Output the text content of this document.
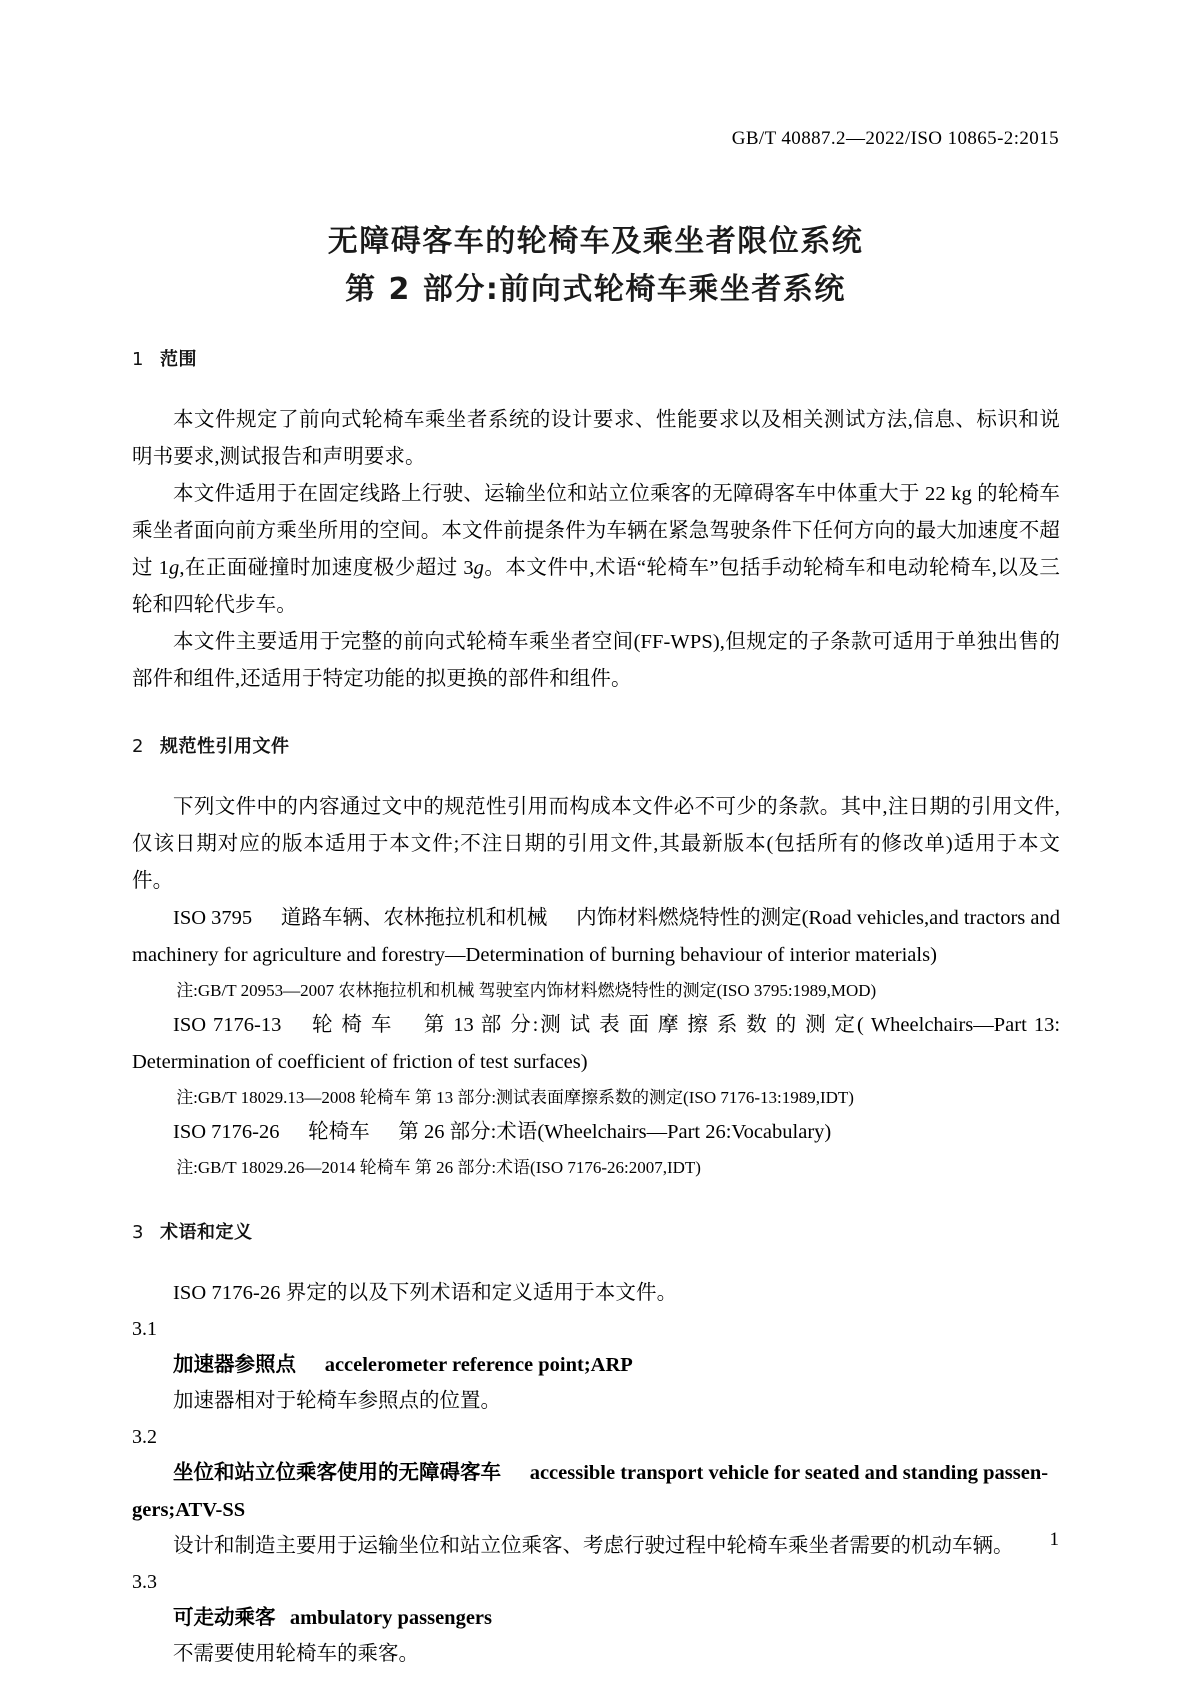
GB/T 40887.2—2022/ISO 10865-2:2015
无障碍客车的轮椅车及乘坐者限位系统
第 2 部分:前向式轮椅车乘坐者系统
1 范围

本文件规定了前向式轮椅车乘坐者系统的设计要求、性能要求以及相关测试方法,信息、标识和说明书要求,测试报告和声明要求。

本文件适用于在固定线路上行驶、运输坐位和站立位乘客的无障碍客车中体重大于 22 kg 的轮椅车乘坐者面向前方乘坐所用的空间。本文件前提条件为车辆在紧急驾驶条件下任何方向的最大加速度不超过 1g,在正面碰撞时加速度极少超过 3g。本文件中,术语“轮椅车”包括手动轮椅车和电动轮椅车,以及三轮和四轮代步车。

本文件主要适用于完整的前向式轮椅车乘坐者空间(FF-WPS),但规定的子条款可适用于单独出售的部件和组件,还适用于特定功能的拟更换的部件和组件。

2 规范性引用文件

下列文件中的内容通过文中的规范性引用而构成本文件必不可少的条款。其中,注日期的引用文件,仅该日期对应的版本适用于本文件;不注日期的引用文件,其最新版本(包括所有的修改单)适用于本文件。

ISO 3795 道路车辆、农林拖拉机和机械 内饰材料燃烧特性的测定(Road vehicles,and tractors and machinery for agriculture and forestry—Determination of burning behaviour of interior materials)

注:GB/T 20953—2007 农林拖拉机和机械 驾驶室内饰材料燃烧特性的测定(ISO 3795:1989,MOD)

ISO 7176-13 轮 椅 车 第 13 部 分:测 试 表 面 摩 擦 系 数 的 测 定( Wheelchairs—Part 13: Determination of coefficient of friction of test surfaces)

注:GB/T 18029.13—2008 轮椅车 第 13 部分:测试表面摩擦系数的测定(ISO 7176-13:1989,IDT)

ISO 7176-26 轮椅车 第 26 部分:术语(Wheelchairs—Part 26:Vocabulary)

注:GB/T 18029.26—2014 轮椅车 第 26 部分:术语(ISO 7176-26:2007,IDT)

3 术语和定义

ISO 7176-26 界定的以及下列术语和定义适用于本文件。

3.1

加速器参照点 accelerometer reference point;ARP

加速器相对于轮椅车参照点的位置。

3.2

坐位和站立位乘客使用的无障碍客车 accessible transport vehicle for seated and standing passen-

gers;ATV-SS

设计和制造主要用于运输坐位和站立位乘客、考虑行驶过程中轮椅车乘坐者需要的机动车辆。

3.3

可走动乘客 ambulatory passengers

不需要使用轮椅车的乘客。

1
